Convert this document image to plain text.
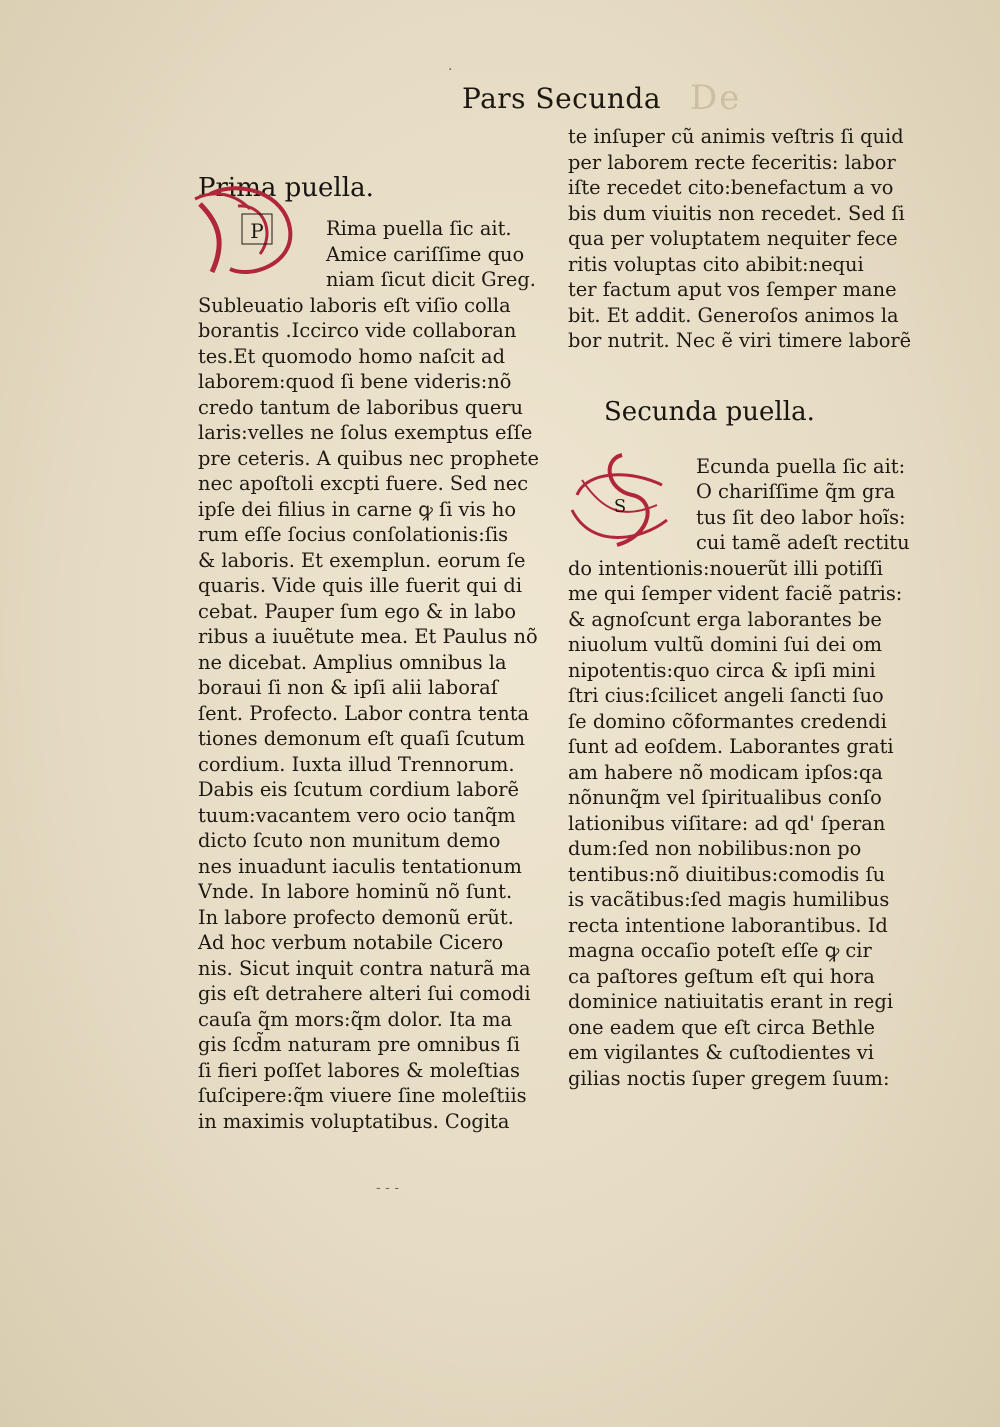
De
Pars Secunda
Prima puella.
Rima puella ſic ait.
Amice cariſſime quo
niam ſicut dicit Greg.
Subleuatio laboris eſt viſio colla
borantis .Iccirco vide collaboran
tes.Et quomodo homo naſcit ad
laborem:quod ſi bene videris:nõ
credo tantum de laboribus queru
laris:velles ne ſolus exemptus eſſe
pre ceteris. A quibus nec prophete
nec apoſtoli excpti fuere. Sed nec
ipſe dei filius in carne ꝙ ſi vis ho
rum eſſe ſocius conſolationis:ſis
& laboris. Et exemplun. eorum ſe
quaris. Vide quis ille fuerit qui di
cebat. Pauper ſum ego & in labo
ribus a iuuẽtute mea. Et Paulus nõ
ne dicebat. Amplius omnibus la
boraui ſi non & ipſi alii laboraſ
ſent. Profecto. Labor contra tenta
tiones demonum eſt quaſi ſcutum
cordium. Iuxta illud Trennorum.
Dabis eis ſcutum cordium laborẽ
tuum:vacantem vero ocio tanq̃m
dicto ſcuto non munitum demo
nes inuadunt iaculis tentationum
Vnde. In labore hominũ nõ ſunt.
In labore profecto demonũ erũt.
Ad hoc verbum notabile Cicero
nis. Sicut inquit contra naturã ma
gis eſt detrahere alteri ſui comodi
cauſa q̃m mors:q̃m dolor. Ita ma
gis ſcd̃m naturam pre omnibus ſi
ſi fieri poſſet labores & moleſtias
ſuſcipere:q̃m viuere ſine moleſtiis
in maximis voluptatibus. Cogita
P
te inſuper cũ animis veſtris ſi quid
per laborem recte feceritis: labor
iſte recedet cito:benefactum a vo
bis dum viuitis non recedet. Sed ſi
qua per voluptatem nequiter fece
ritis voluptas cito abibit:nequi
ter factum aput vos ſemper mane
bit. Et addit. Generoſos animos la
bor nutrit. Nec ẽ viri timere laborẽ
Secunda puella.
Ecunda puella ſic ait:
O chariſſime q̃m gra
tus ſit deo labor hoĩs:
cui tamẽ adeſt rectitu
do intentionis:nouerũt illi potiſſi
me qui ſemper vident faciẽ patris:
& agnoſcunt erga laborantes be
niuolum vultũ domini ſui dei om
nipotentis:quo circa & ipſi mini
ſtri cius:ſcilicet angeli ſancti ſuo
ſe domino cõformantes credendi
ſunt ad eoſdem. Laborantes grati
am habere nõ modicam ipſos:qa
nõnunq̃m vel ſpiritualibus conſo
lationibus viſitare: ad qd' ſperan
dum:ſed non nobilibus:non po
tentibus:nõ diuitibus:comodis ſu
is vacãtibus:ſed magis humilibus
recta intentione laborantibus. Id
magna occaſio poteſt eſſe ꝙ cir
ca paſtores geſtum eſt qui hora
dominice natiuitatis erant in regi
one eadem que eſt circa Bethle
em vigilantes & cuſtodientes vi
gilias noctis ſuper gregem ſuum:
S
·
- - -
